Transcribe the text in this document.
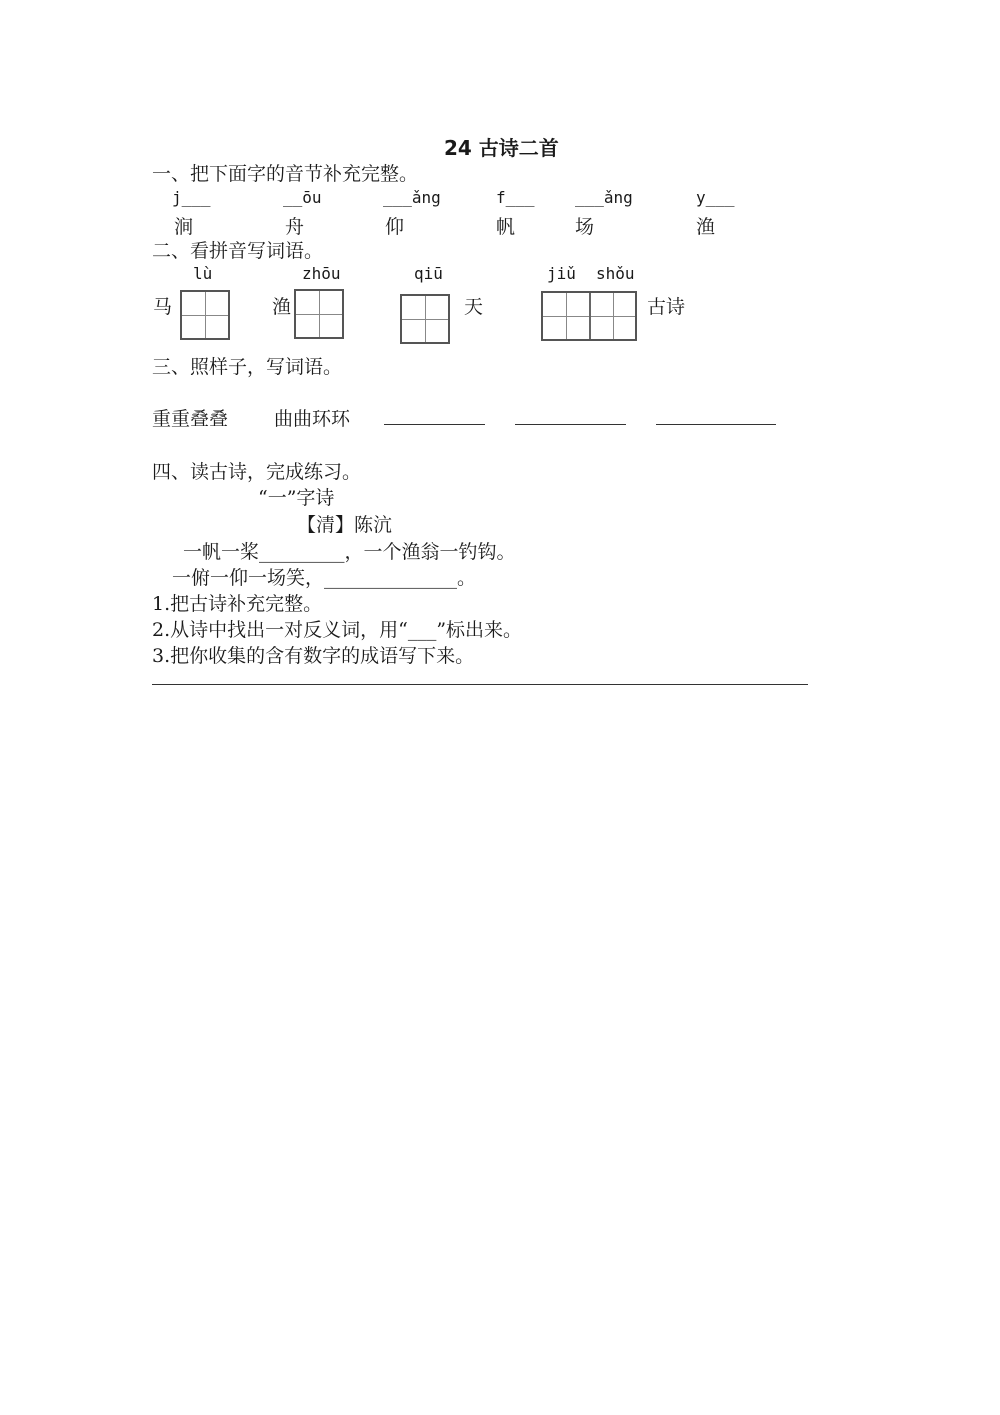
24 古诗二首
一、把下面字的音节补充完整。
j___	__ōu	___ǎng	f___	___ǎng	y___
涧	舟	仰	帆	场	渔
二、看拼音写词语。
lù	zhōu	qiū	jiǔ shǒu
马	渔	天	古诗
三、照样子，写词语。
重重叠叠 曲曲环环
四、读古诗，完成练习。
“一”字诗
【清】陈沆
一帆一桨_________，一个渔翁一钓钩。
一俯一仰一场笑，______________。
1.把古诗补充完整。
2.从诗中找出一对反义词，用“___”标出来。
3.把你收集的含有数字的成语写下来。
